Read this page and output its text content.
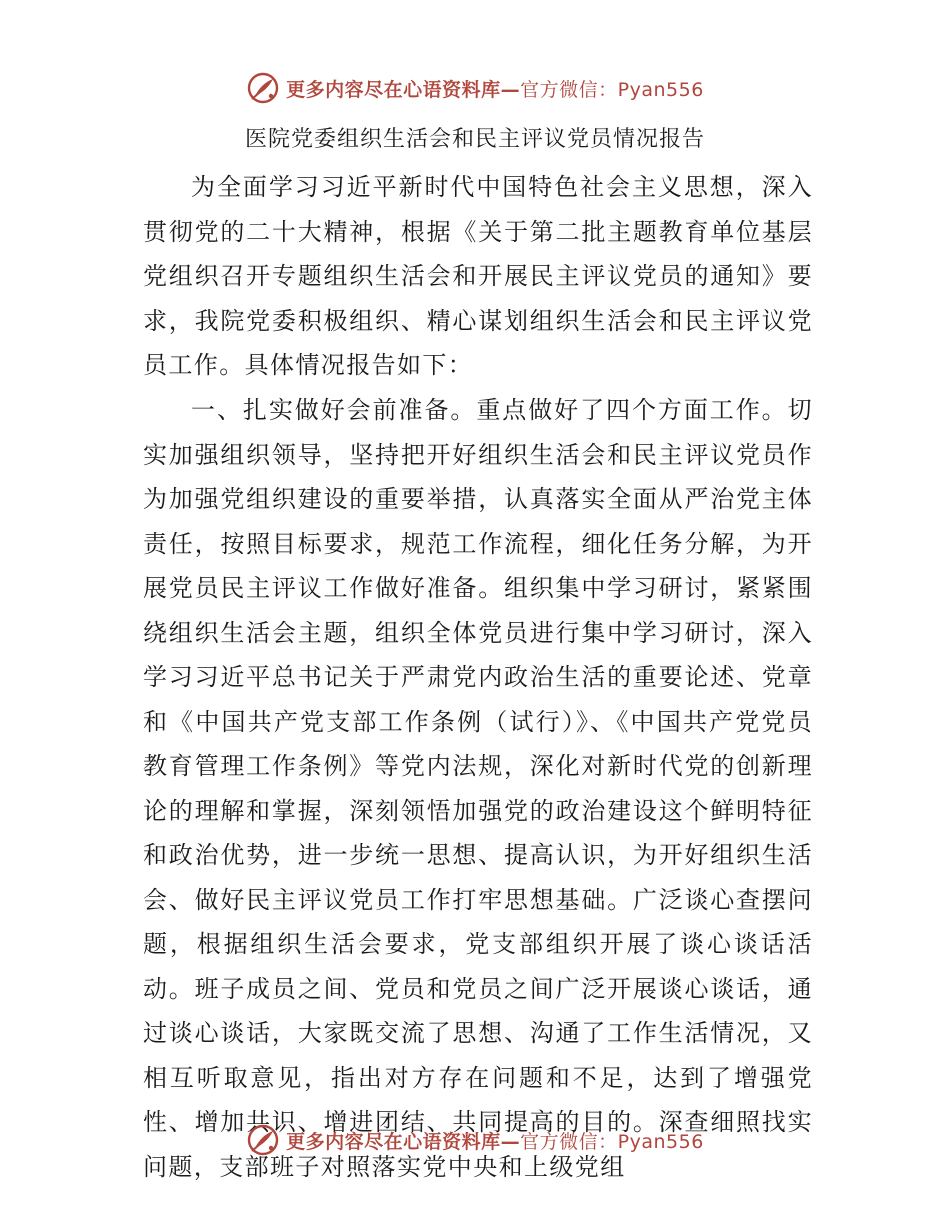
更多内容尽在心语资料库—官方微信：Pyan556
医院党委组织生活会和民主评议党员情况报告

为全面学习习近平新时代中国特色社会主义思想，深入贯彻党的二十大精神，根据《关于第二批主题教育单位基层党组织召开专题组织生活会和开展民主评议党员的通知》要求，我院党委积极组织、精心谋划组织生活会和民主评议党员工作。具体情况报告如下：

一、扎实做好会前准备。重点做好了四个方面工作。切实加强组织领导，坚持把开好组织生活会和民主评议党员作为加强党组织建设的重要举措，认真落实全面从严治党主体责任，按照目标要求，规范工作流程，细化任务分解，为开展党员民主评议工作做好准备。组织集中学习研讨，紧紧围绕组织生活会主题，组织全体党员进行集中学习研讨，深入学习习近平总书记关于严肃党内政治生活的重要论述、党章和《中国共产党支部工作条例（试行）》、《中国共产党党员教育管理工作条例》等党内法规，深化对新时代党的创新理论的理解和掌握，深刻领悟加强党的政治建设这个鲜明特征和政治优势，进一步统一思想、提高认识，为开好组织生活会、做好民主评议党员工作打牢思想基础。广泛谈心查摆问题，根据组织生活会要求，党支部组织开展了谈心谈话活动。班子成员之间、党员和党员之间广泛开展谈心谈话，通过谈心谈话，大家既交流了思想、沟通了工作生活情况，又相互听取意见，指出对方存在问题和不足，达到了增强党性、增加共识、增进团结、共同提高的目的。深查细照找实问题，支部班子对照落实党中央和上级党组

更多内容尽在心语资料库—官方微信：Pyan556
